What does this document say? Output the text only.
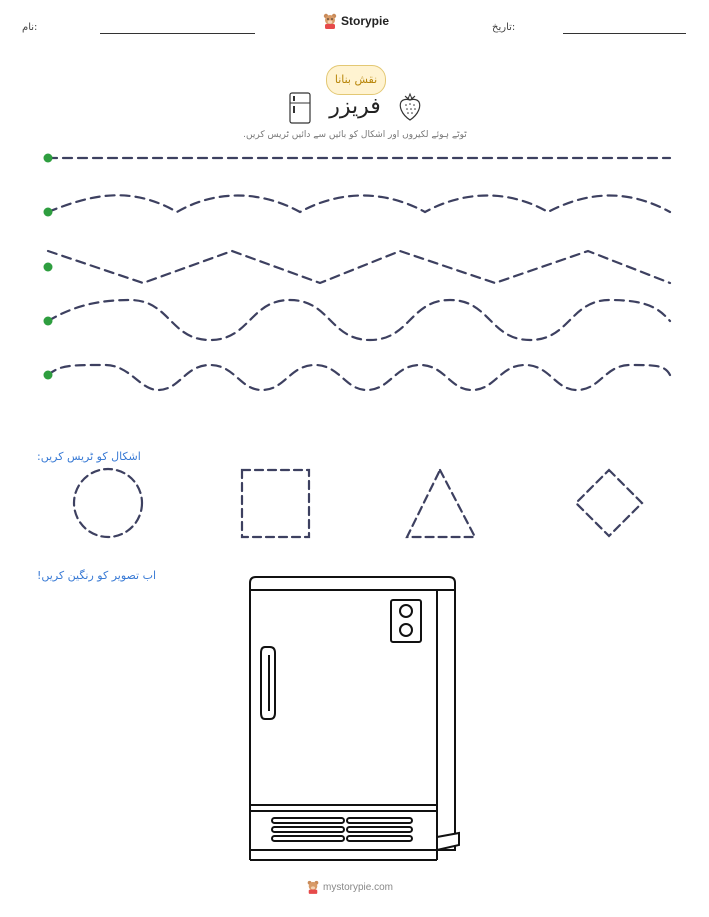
نام:	Storypie	تاریخ:
نقش بنانا
فریزر
ٹوٹے ہوئے لکیروں اور اشکال کو بائیں سے دائیں ٹریس کریں.
اشکال کو ٹریس کریں:
اب تصویر کو رنگین کریں!
mystorypie.com
